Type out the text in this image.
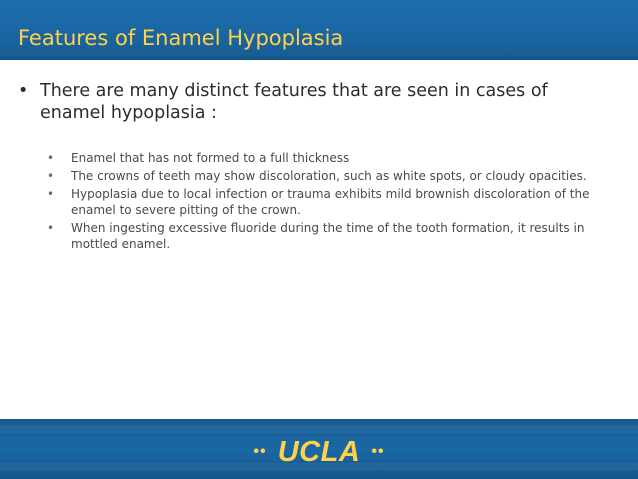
Features of Enamel Hypoplasia
• There are many distinct features that are seen in cases of enamel hypoplasia :
• Enamel that has not formed to a full thickness
• The crowns of teeth may show discoloration, such as white spots, or cloudy opacities.
• Hypoplasia due to local infection or trauma exhibits mild brownish discoloration of the enamel to severe pitting of the crown.
• When ingesting excessive fluoride during the time of the tooth formation, it results in mottled enamel.
•• UCLA ••
